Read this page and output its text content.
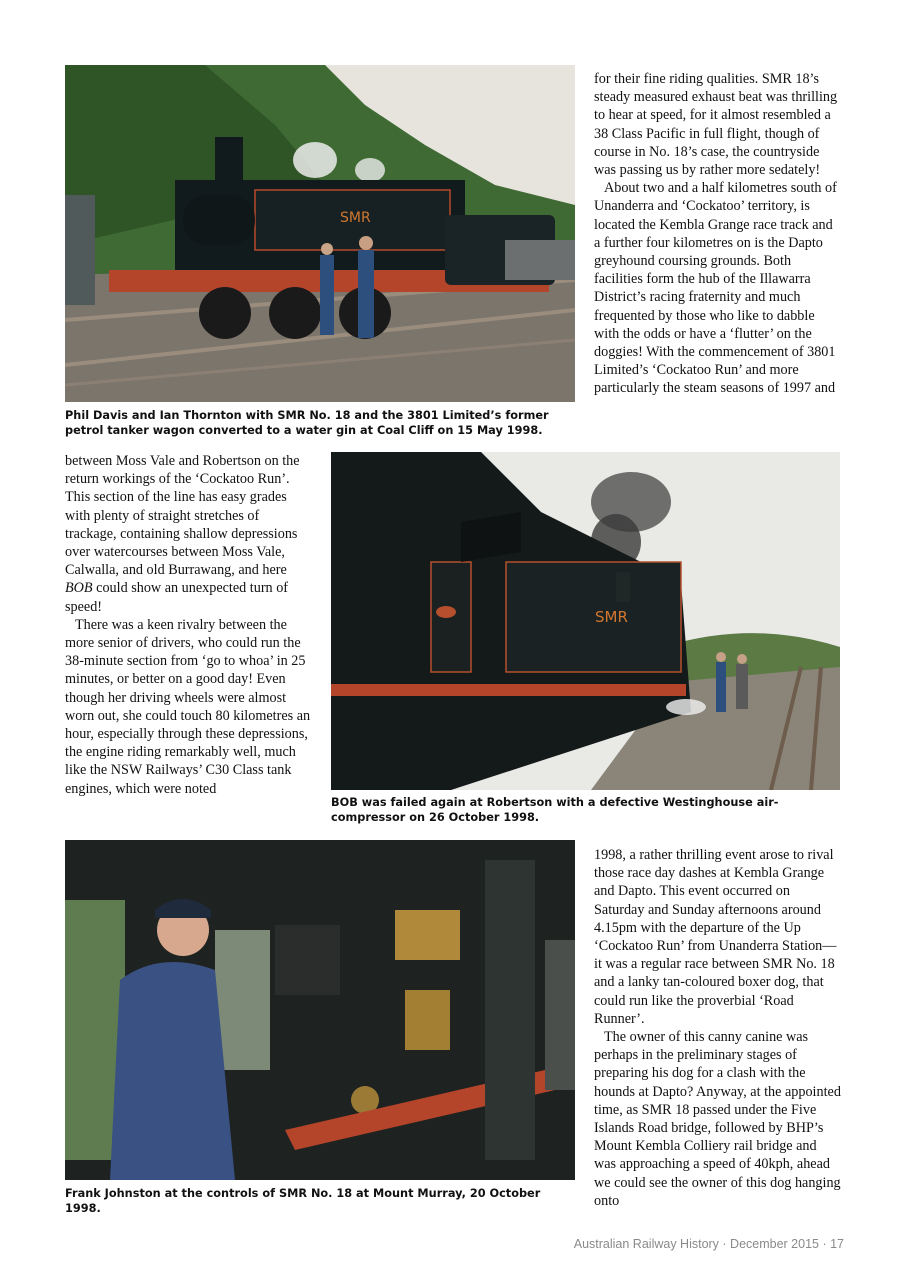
SMR
Phil Davis and Ian Thornton with SMR No. 18 and the 3801 Limited’s former petrol tanker wagon converted to a water gin at Coal Cliff on 15 May 1998.

for their fine riding qualities. SMR 18’s steady measured exhaust beat was thrilling to hear at speed, for it almost resembled a 38 Class Pacific in full flight, though of course in No. 18’s case, the countryside was passing us by rather more sedately!

About two and a half kilometres south of Unanderra and ‘Cockatoo’ territory, is located the Kembla Grange race track and a further four kilometres on is the Dapto greyhound coursing grounds. Both facilities form the hub of the Illawarra District’s racing fraternity and much frequented by those who like to dabble with the odds or have a ‘flutter’ on the doggies! With the commencement of 3801 Limited’s ‘Cockatoo Run’ and more particularly the steam seasons of 1997 and

SMR
BOB was failed again at Robertson with a defective Westinghouse air-compressor on 26 October 1998.

between Moss Vale and Robertson on the return workings of the ‘Cockatoo Run’. This section of the line has easy grades with plenty of straight stretches of trackage, containing shallow depressions over watercourses between Moss Vale, Calwalla, and old Burrawang, and here BOB could show an unexpected turn of speed!

There was a keen rivalry between the more senior of drivers, who could run the 38-minute section from ‘go to whoa’ in 25 minutes, or better on a good day! Even though her driving wheels were almost worn out, she could touch 80 kilometres an hour, especially through these depressions, the engine riding remarkably well, much like the NSW Railways’ C30 Class tank engines, which were noted

Frank Johnston at the controls of SMR No. 18 at Mount Murray, 20 October 1998.

1998, a rather thrilling event arose to rival those race day dashes at Kembla Grange and Dapto. This event occurred on Saturday and Sunday afternoons around 4.15pm with the departure of the Up ‘Cockatoo Run’ from Unanderra Station—it was a regular race between SMR No. 18 and a lanky tan-coloured boxer dog, that could run like the proverbial ‘Road Runner’.

The owner of this canny canine was perhaps in the preliminary stages of preparing his dog for a clash with the hounds at Dapto? Anyway, at the appointed time, as SMR 18 passed under the Five Islands Road bridge, followed by BHP’s Mount Kembla Colliery rail bridge and was approaching a speed of 40kph, ahead we could see the owner of this dog hanging onto

Australian Railway History · December 2015 · 17
